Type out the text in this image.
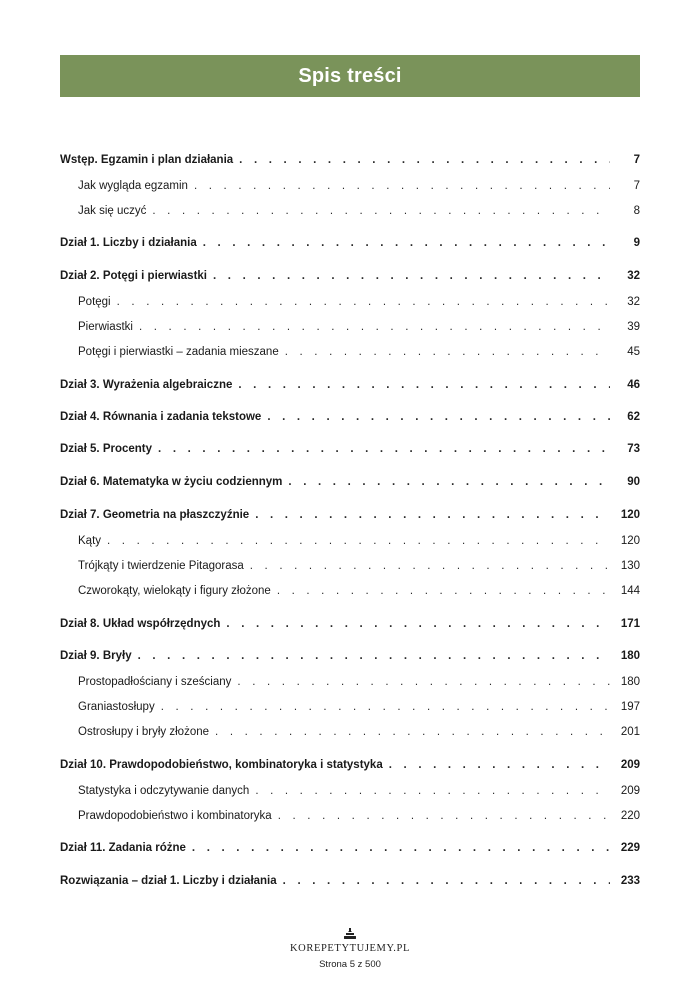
Spis treści
Wstęp. Egzamin i plan działania . . .	7
Jak wygląda egzamin . . .	7
Jak się uczyć . . .	8
Dział 1. Liczby i działania . . .	9
Dział 2. Potęgi i pierwiastki . . .	32
Potęgi . . .	32
Pierwiastki . . .	39
Potęgi i pierwiastki – zadania mieszane . . .	45
Dział 3. Wyrażenia algebraiczne . . .	46
Dział 4. Równania i zadania tekstowe . . .	62
Dział 5. Procenty . . .	73
Dział 6. Matematyka w życiu codziennym . . .	90
Dział 7. Geometria na płaszczyźnie . . .	120
Kąty . . .	120
Trójkąty i twierdzenie Pitagorasa . . .	130
Czworokąty, wielokąty i figury złożone . . .	144
Dział 8. Układ współrzędnych . . .	171
Dział 9. Bryły . . .	180
Prostopadłościany i sześciany . . .	180
Graniastosłupy . . .	197
Ostrosłupy i bryły złożone . . .	201
Dział 10. Prawdopodobieństwo, kombinatoryka i statystyka . . .	209
Statystyka i odczytywanie danych . . .	209
Prawdopodobieństwo i kombinatoryka . . .	220
Dział 11. Zadania różne . . .	229
Rozwiązania – dział 1. Liczby i działania . . .	233
KOREPETYTUJEMY.PL
Strona 5 z 500
